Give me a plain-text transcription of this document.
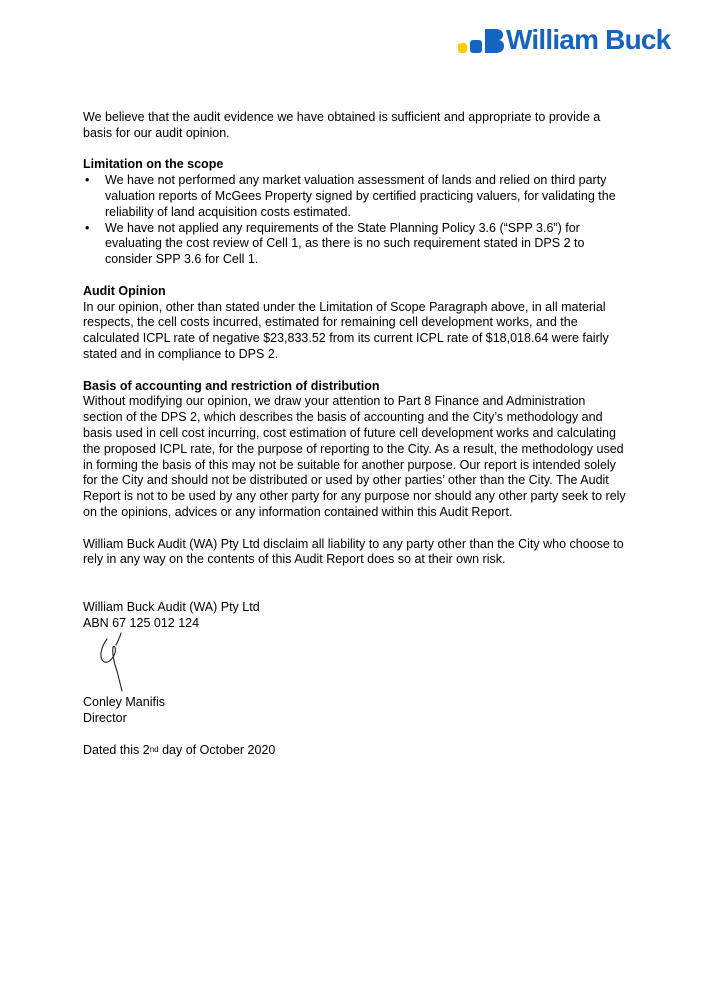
William Buck

We believe that the audit evidence we have obtained is sufficient and appropriate to provide a basis for our audit opinion.

Limitation on the scope

• We have not performed any market valuation assessment of lands and relied on third party valuation reports of McGees Property signed by certified practicing valuers, for validating the reliability of land acquisition costs estimated.
• We have not applied any requirements of the State Planning Policy 3.6 (“SPP 3.6”) for evaluating the cost review of Cell 1, as there is no such requirement stated in DPS 2 to consider SPP 3.6 for Cell 1.

Audit Opinion

In our opinion, other than stated under the Limitation of Scope Paragraph above, in all material respects, the cell costs incurred, estimated for remaining cell development works, and the calculated ICPL rate of negative $23,833.52 from its current ICPL rate of $18,018.64 were fairly stated and in compliance to DPS 2.

Basis of accounting and restriction of distribution

Without modifying our opinion, we draw your attention to Part 8 Finance and Administration section of the DPS 2, which describes the basis of accounting and the City’s methodology and basis used in cell cost incurring, cost estimation of future cell development works and calculating the proposed ICPL rate, for the purpose of reporting to the City. As a result, the methodology used in forming the basis of this may not be suitable for another purpose. Our report is intended solely for the City and should not be distributed or used by other parties’ other than the City. The Audit Report is not to be used by any other party for any purpose nor should any other party seek to rely on the opinions, advices or any information contained within this Audit Report.

William Buck Audit (WA) Pty Ltd disclaim all liability to any party other than the City who choose to rely in any way on the contents of this Audit Report does so at their own risk.

William Buck Audit (WA) Pty Ltd

ABN 67 125 012 124

Conley Manifis

Director

Dated this 2nd day of October 2020
